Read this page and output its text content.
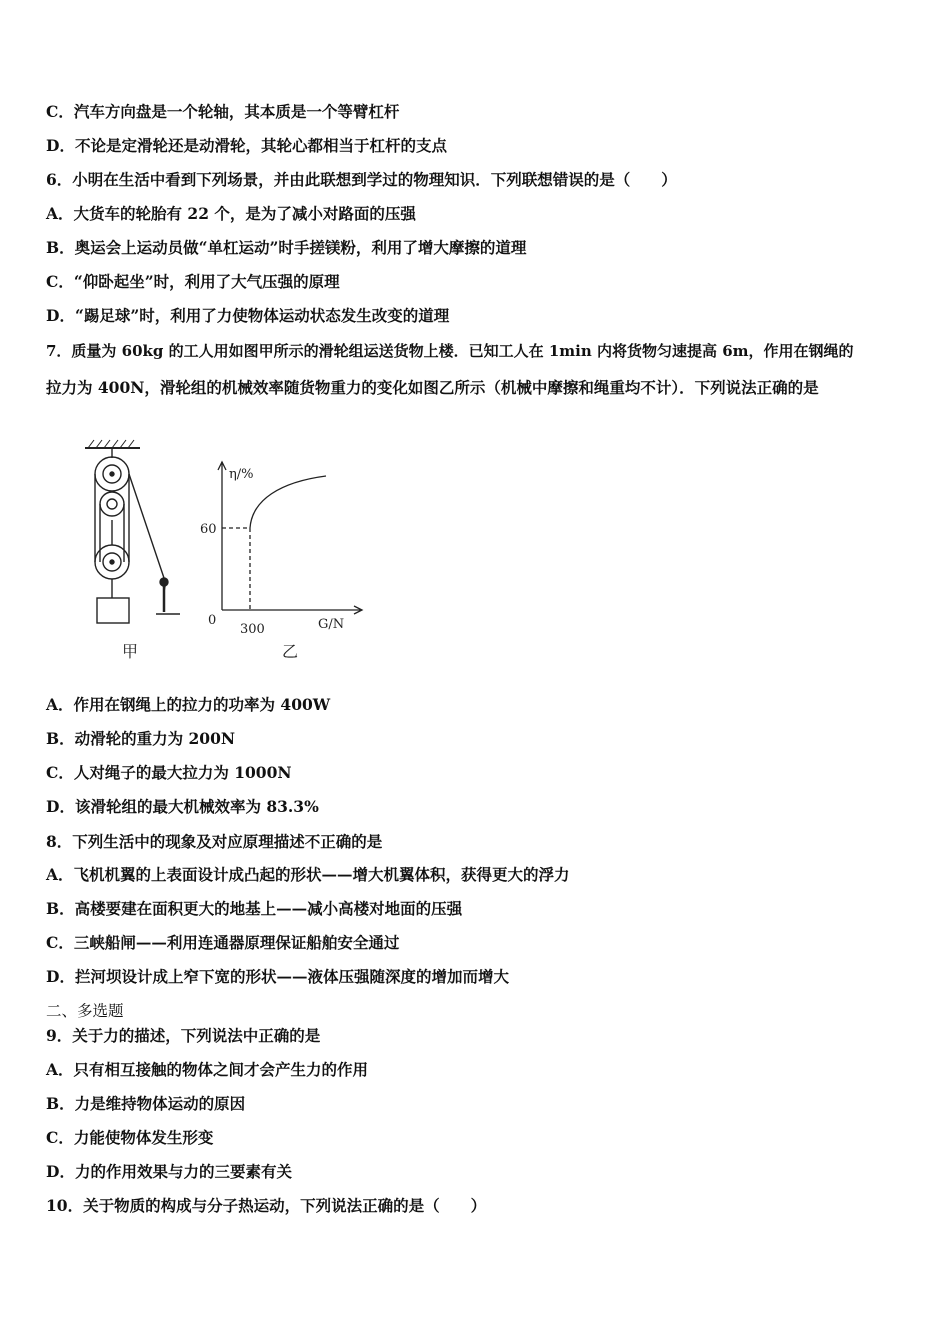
C．汽车方向盘是一个轮轴，其本质是一个等臂杠杆
D．不论是定滑轮还是动滑轮，其轮心都相当于杠杆的支点
6．小明在生活中看到下列场景，并由此联想到学过的物理知识．下列联想错误的是（　　）
A．大货车的轮胎有 22 个，是为了减小对路面的压强
B．奥运会上运动员做“单杠运动”时手搓镁粉，利用了增大摩擦的道理
C．“仰卧起坐”时，利用了大气压强的原理
D．“踢足球”时，利用了力使物体运动状态发生改变的道理
7．质量为 60kg 的工人用如图甲所示的滑轮组运送货物上楼．已知工人在 1min 内将货物匀速提高 6m，作用在钢绳的
拉力为 400N，滑轮组的机械效率随货物重力的变化如图乙所示（机械中摩擦和绳重均不计）．下列说法正确的是
η/%
G/N
0
60
300
甲	乙
A．作用在钢绳上的拉力的功率为 400W
B．动滑轮的重力为 200N
C．人对绳子的最大拉力为 1000N
D．该滑轮组的最大机械效率为 83.3%
8．下列生活中的现象及对应原理描述不正确的是
A．飞机机翼的上表面设计成凸起的形状——增大机翼体积，获得更大的浮力
B．高楼要建在面积更大的地基上——减小高楼对地面的压强
C．三峡船闸——利用连通器原理保证船舶安全通过
D．拦河坝设计成上窄下宽的形状——液体压强随深度的增加而增大
二、多选题
9．关于力的描述，下列说法中正确的是
A．只有相互接触的物体之间才会产生力的作用
B．力是维持物体运动的原因
C．力能使物体发生形变
D．力的作用效果与力的三要素有关
10．关于物质的构成与分子热运动，下列说法正确的是（　　）
